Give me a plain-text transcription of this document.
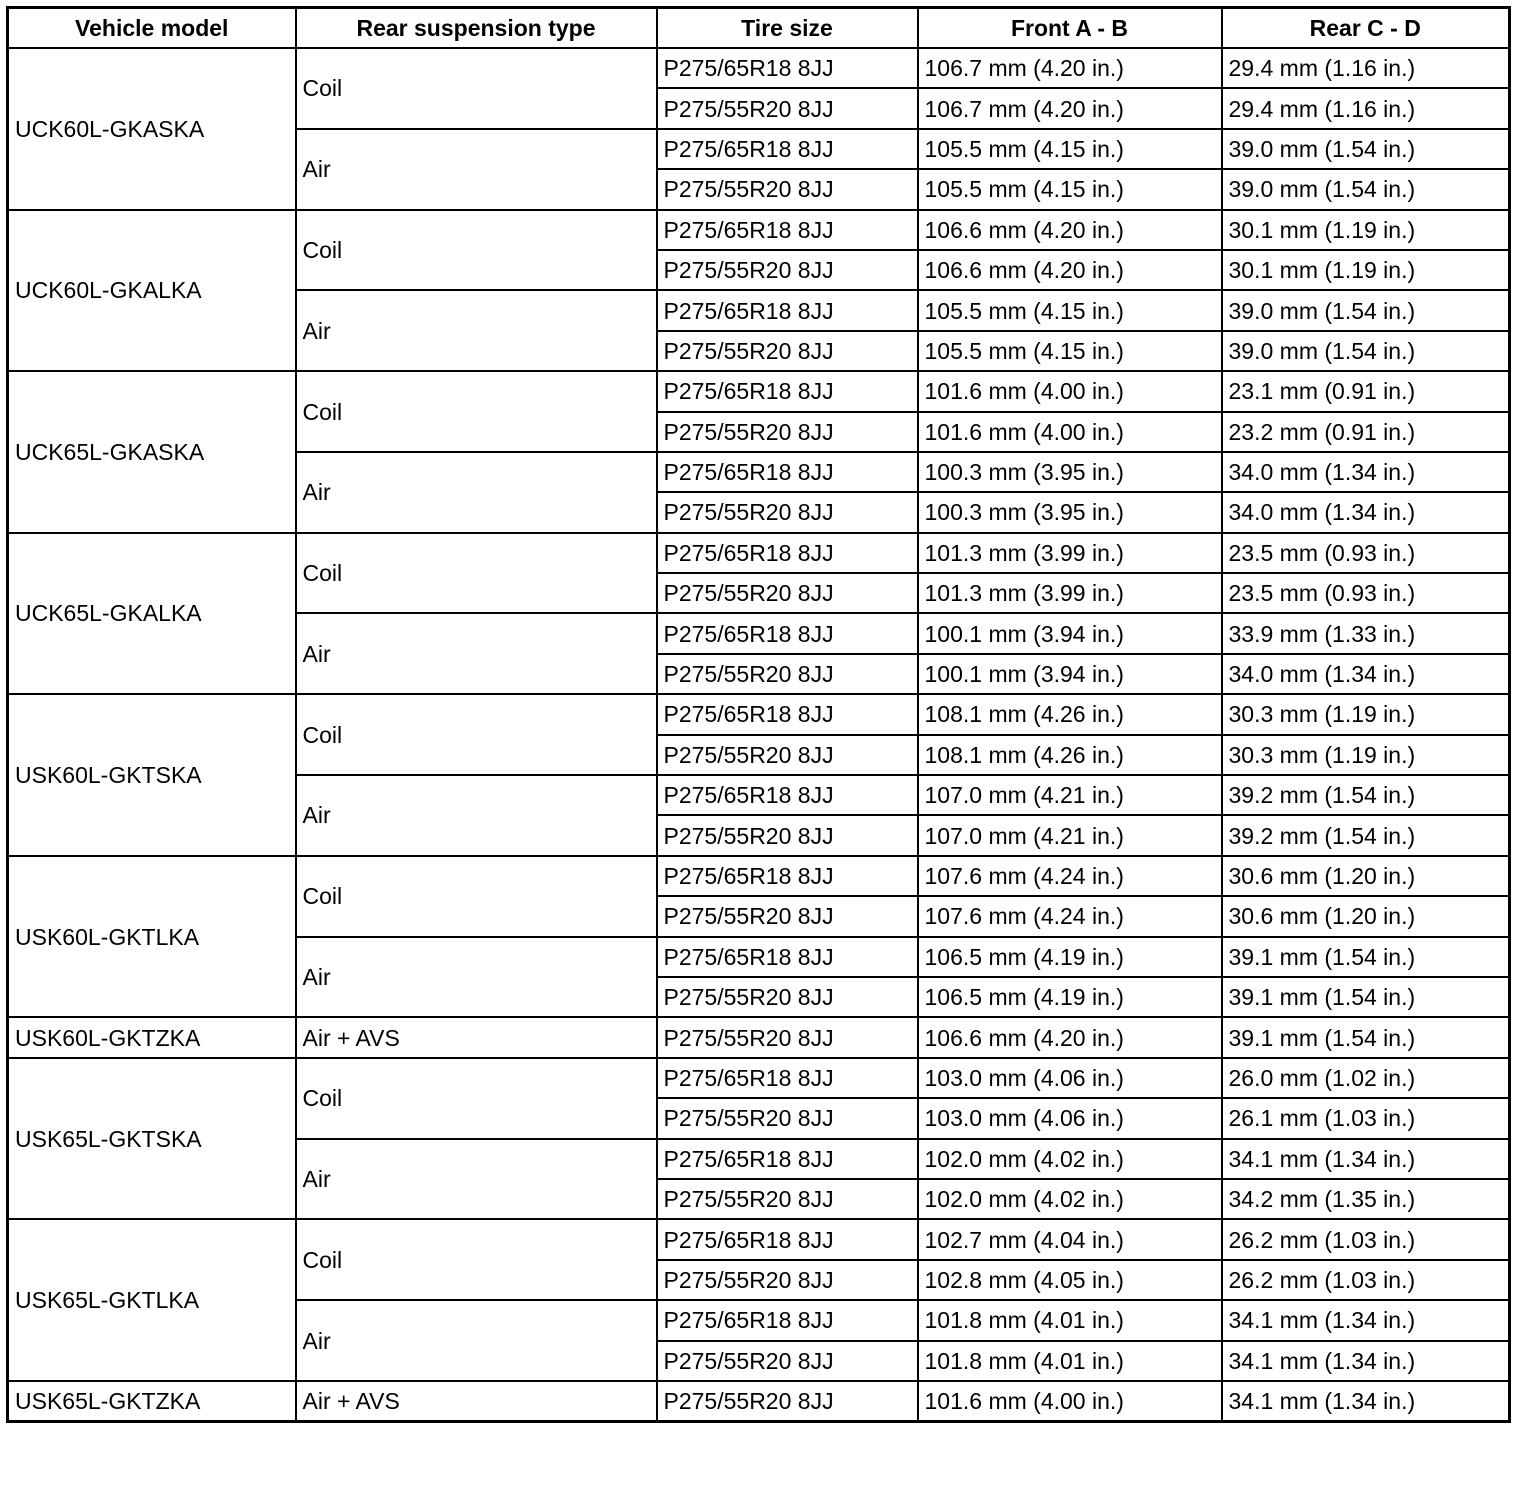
Vehicle model	Rear suspension type	Tire size	Front A - B	Rear C - D
UCK60L-GKASKA	Coil	P275/65R18 8JJ	106.7 mm (4.20 in.)	29.4 mm (1.16 in.)
		P275/55R20 8JJ	106.7 mm (4.20 in.)	29.4 mm (1.16 in.)
	Air	P275/65R18 8JJ	105.5 mm (4.15 in.)	39.0 mm (1.54 in.)
		P275/55R20 8JJ	105.5 mm (4.15 in.)	39.0 mm (1.54 in.)
UCK60L-GKALKA	Coil	P275/65R18 8JJ	106.6 mm (4.20 in.)	30.1 mm (1.19 in.)
		P275/55R20 8JJ	106.6 mm (4.20 in.)	30.1 mm (1.19 in.)
	Air	P275/65R18 8JJ	105.5 mm (4.15 in.)	39.0 mm (1.54 in.)
		P275/55R20 8JJ	105.5 mm (4.15 in.)	39.0 mm (1.54 in.)
UCK65L-GKASKA	Coil	P275/65R18 8JJ	101.6 mm (4.00 in.)	23.1 mm (0.91 in.)
		P275/55R20 8JJ	101.6 mm (4.00 in.)	23.2 mm (0.91 in.)
	Air	P275/65R18 8JJ	100.3 mm (3.95 in.)	34.0 mm (1.34 in.)
		P275/55R20 8JJ	100.3 mm (3.95 in.)	34.0 mm (1.34 in.)
UCK65L-GKALKA	Coil	P275/65R18 8JJ	101.3 mm (3.99 in.)	23.5 mm (0.93 in.)
		P275/55R20 8JJ	101.3 mm (3.99 in.)	23.5 mm (0.93 in.)
	Air	P275/65R18 8JJ	100.1 mm (3.94 in.)	33.9 mm (1.33 in.)
		P275/55R20 8JJ	100.1 mm (3.94 in.)	34.0 mm (1.34 in.)
USK60L-GKTSKA	Coil	P275/65R18 8JJ	108.1 mm (4.26 in.)	30.3 mm (1.19 in.)
		P275/55R20 8JJ	108.1 mm (4.26 in.)	30.3 mm (1.19 in.)
	Air	P275/65R18 8JJ	107.0 mm (4.21 in.)	39.2 mm (1.54 in.)
		P275/55R20 8JJ	107.0 mm (4.21 in.)	39.2 mm (1.54 in.)
USK60L-GKTLKA	Coil	P275/65R18 8JJ	107.6 mm (4.24 in.)	30.6 mm (1.20 in.)
		P275/55R20 8JJ	107.6 mm (4.24 in.)	30.6 mm (1.20 in.)
	Air	P275/65R18 8JJ	106.5 mm (4.19 in.)	39.1 mm (1.54 in.)
		P275/55R20 8JJ	106.5 mm (4.19 in.)	39.1 mm (1.54 in.)
USK60L-GKTZKA	Air + AVS	P275/55R20 8JJ	106.6 mm (4.20 in.)	39.1 mm (1.54 in.)
USK65L-GKTSKA	Coil	P275/65R18 8JJ	103.0 mm (4.06 in.)	26.0 mm (1.02 in.)
		P275/55R20 8JJ	103.0 mm (4.06 in.)	26.1 mm (1.03 in.)
	Air	P275/65R18 8JJ	102.0 mm (4.02 in.)	34.1 mm (1.34 in.)
		P275/55R20 8JJ	102.0 mm (4.02 in.)	34.2 mm (1.35 in.)
USK65L-GKTLKA	Coil	P275/65R18 8JJ	102.7 mm (4.04 in.)	26.2 mm (1.03 in.)
		P275/55R20 8JJ	102.8 mm (4.05 in.)	26.2 mm (1.03 in.)
	Air	P275/65R18 8JJ	101.8 mm (4.01 in.)	34.1 mm (1.34 in.)
		P275/55R20 8JJ	101.8 mm (4.01 in.)	34.1 mm (1.34 in.)
USK65L-GKTZKA	Air + AVS	P275/55R20 8JJ	101.6 mm (4.00 in.)	34.1 mm (1.34 in.)
